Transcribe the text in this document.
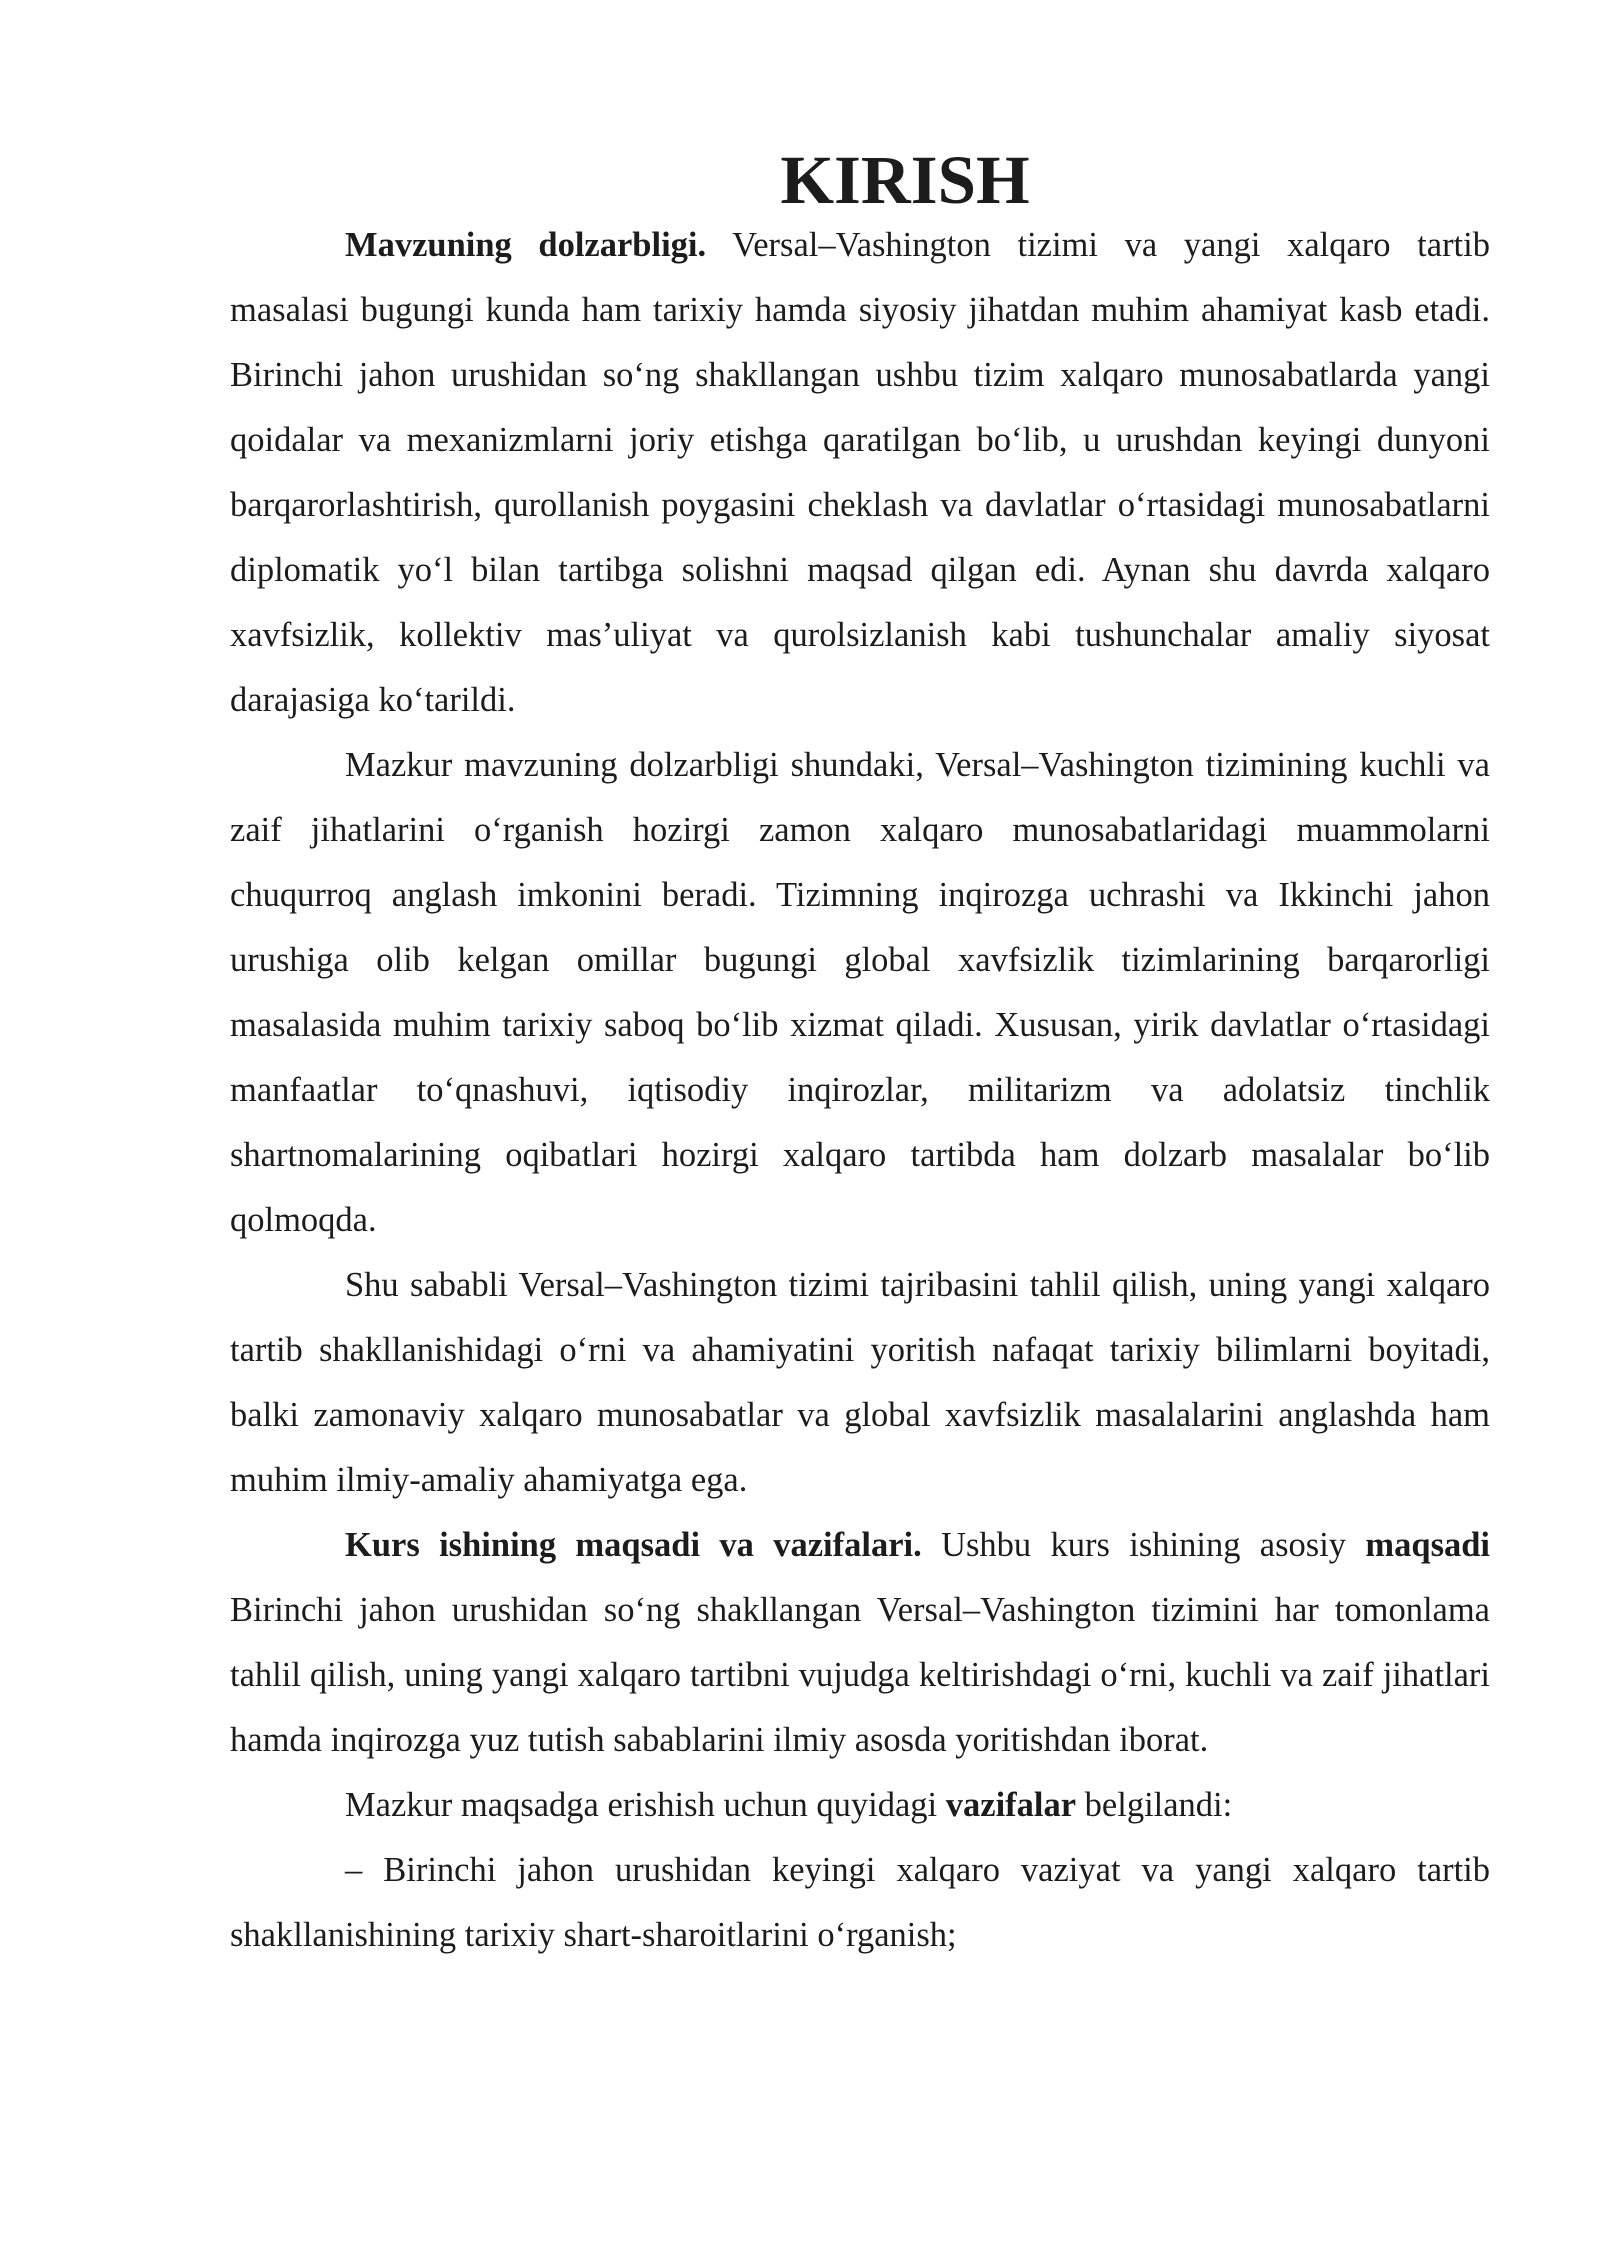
KIRISH

Mavzuning dolzarbligi. Versal–Vashington tizimi va yangi xalqaro tartib masalasi bugungi kunda ham tarixiy hamda siyosiy jihatdan muhim ahamiyat kasb etadi. Birinchi jahon urushidan so‘ng shakllangan ushbu tizim xalqaro munosabatlarda yangi qoidalar va mexanizmlarni joriy etishga qaratilgan bo‘lib, u urushdan keyingi dunyoni barqarorlashtirish, qurollanish poygasini cheklash va davlatlar o‘rtasidagi munosabatlarni diplomatik yo‘l bilan tartibga solishni maqsad qilgan edi. Aynan shu davrda xalqaro xavfsizlik, kollektiv mas’uliyat va qurolsizlanish kabi tushunchalar amaliy siyosat darajasiga ko‘tarildi.

Mazkur mavzuning dolzarbligi shundaki, Versal–Vashington tizimining kuchli va zaif jihatlarini o‘rganish hozirgi zamon xalqaro munosabatlaridagi muammolarni chuqurroq anglash imkonini beradi. Tizimning inqirozga uchrashi va Ikkinchi jahon urushiga olib kelgan omillar bugungi global xavfsizlik tizimlarining barqarorligi masalasida muhim tarixiy saboq bo‘lib xizmat qiladi. Xususan, yirik davlatlar o‘rtasidagi manfaatlar to‘qnashuvi, iqtisodiy inqirozlar, militarizm va adolatsiz tinchlik shartnomalarining oqibatlari hozirgi xalqaro tartibda ham dolzarb masalalar bo‘lib qolmoqda.

Shu sababli Versal–Vashington tizimi tajribasini tahlil qilish, uning yangi xalqaro tartib shakllanishidagi o‘rni va ahamiyatini yoritish nafaqat tarixiy bilimlarni boyitadi, balki zamonaviy xalqaro munosabatlar va global xavfsizlik masalalarini anglashda ham muhim ilmiy-amaliy ahamiyatga ega.

Kurs ishining maqsadi va vazifalari. Ushbu kurs ishining asosiy maqsadi Birinchi jahon urushidan so‘ng shakllangan Versal–Vashington tizimini har tomonlama tahlil qilish, uning yangi xalqaro tartibni vujudga keltirishdagi o‘rni, kuchli va zaif jihatlari hamda inqirozga yuz tutish sabablarini ilmiy asosda yoritishdan iborat.

Mazkur maqsadga erishish uchun quyidagi vazifalar belgilandi:

– Birinchi jahon urushidan keyingi xalqaro vaziyat va yangi xalqaro tartib shakllanishining tarixiy shart-sharoitlarini o‘rganish;
